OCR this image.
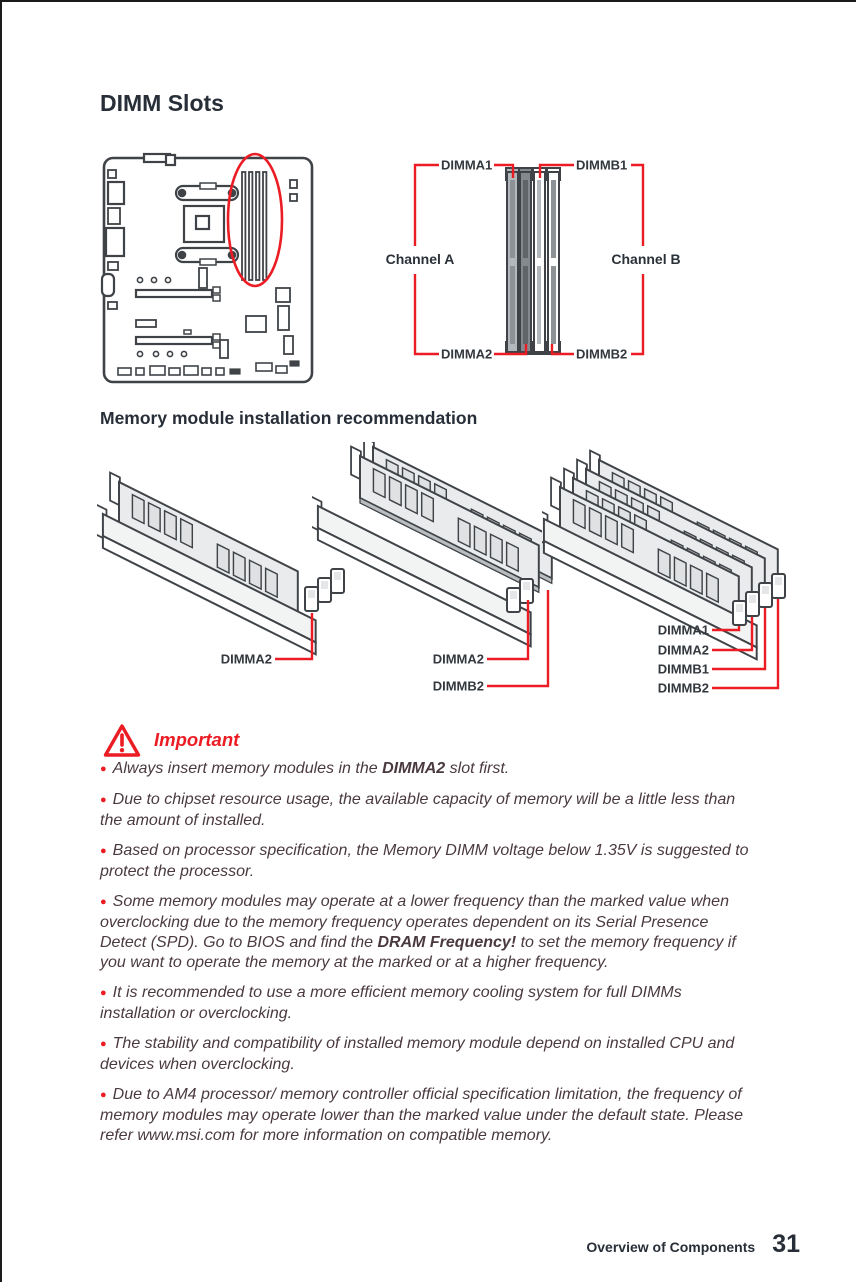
DIMM Slots
DIMMA1	DIMMB1
DIMMA2	DIMMB2
Channel A	Channel B
Memory module installation recommendation
DIMMA2	DIMMA2
DIMMB2
DIMMA1
DIMMA2
DIMMB1
DIMMB2
Important
● Always insert memory modules in the DIMMA2 slot first.
● Due to chipset resource usage, the available capacity of memory will be a little less than the amount of installed.
● Based on processor specification, the Memory DIMM voltage below 1.35V is suggested to protect the processor.
● Some memory modules may operate at a lower frequency than the marked value when overclocking due to the memory frequency operates dependent on its Serial Presence Detect (SPD). Go to BIOS and find the DRAM Frequency! to set the memory frequency if you want to operate the memory at the marked or at a higher frequency.
● It is recommended to use a more efficient memory cooling system for full DIMMs installation or overclocking.
● The stability and compatibility of installed memory module depend on installed CPU and devices when overclocking.
● Due to AM4 processor/ memory controller official specification limitation, the frequency of memory modules may operate lower than the marked value under the default state. Please refer www.msi.com for more information on compatible memory.
Overview of Components 31
